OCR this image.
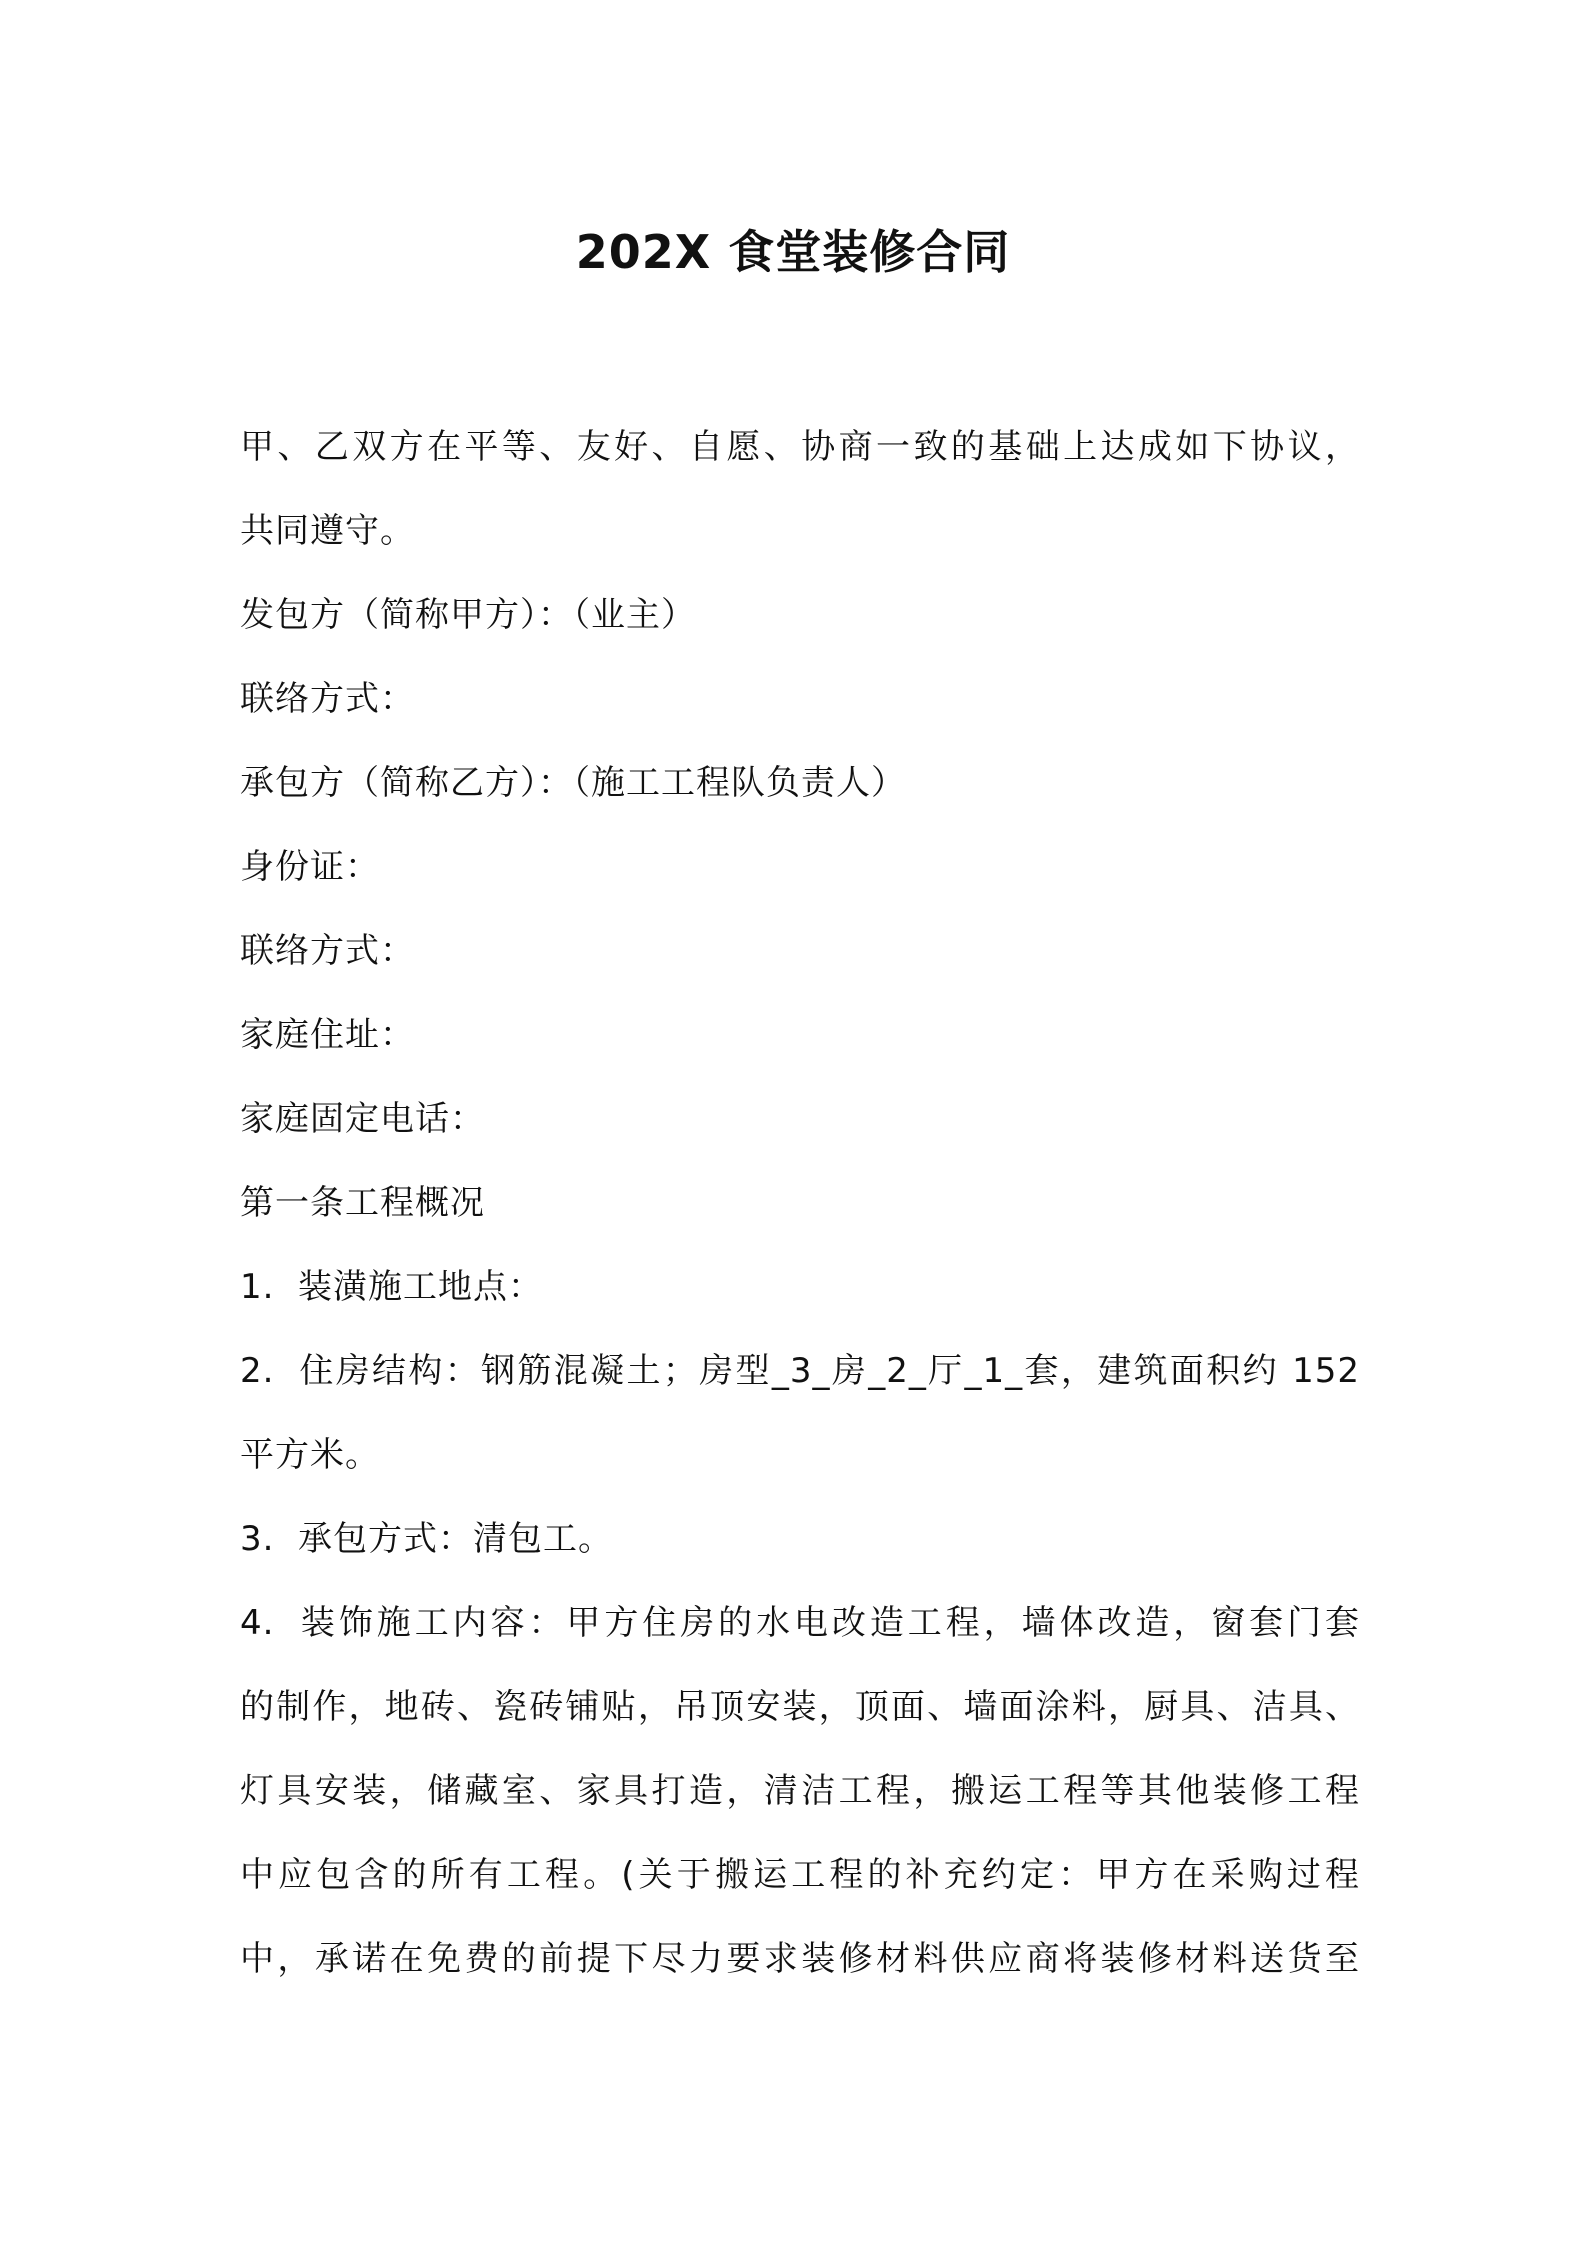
202X 食堂装修合同
甲、乙双方在平等、友好、自愿、协商一致的基础上达成如下协议，
共同遵守。
发包方（简称甲方）：（业主）
联络方式：
承包方（简称乙方）：（施工工程队负责人）
身份证：
联络方式：
家庭住址：
家庭固定电话：
第一条工程概况
1. 装潢施工地点：
2. 住房结构：钢筋混凝土；房型_3_房_2_厅_1_套，建筑面积约 152
平方米。
3. 承包方式：清包工。
4. 装饰施工内容：甲方住房的水电改造工程，墙体改造，窗套门套
的制作，地砖、瓷砖铺贴，吊顶安装，顶面、墙面涂料，厨具、洁具、
灯具安装，储藏室、家具打造，清洁工程，搬运工程等其他装修工程
中应包含的所有工程。(关于搬运工程的补充约定：甲方在采购过程
中，承诺在免费的前提下尽力要求装修材料供应商将装修材料送货至
